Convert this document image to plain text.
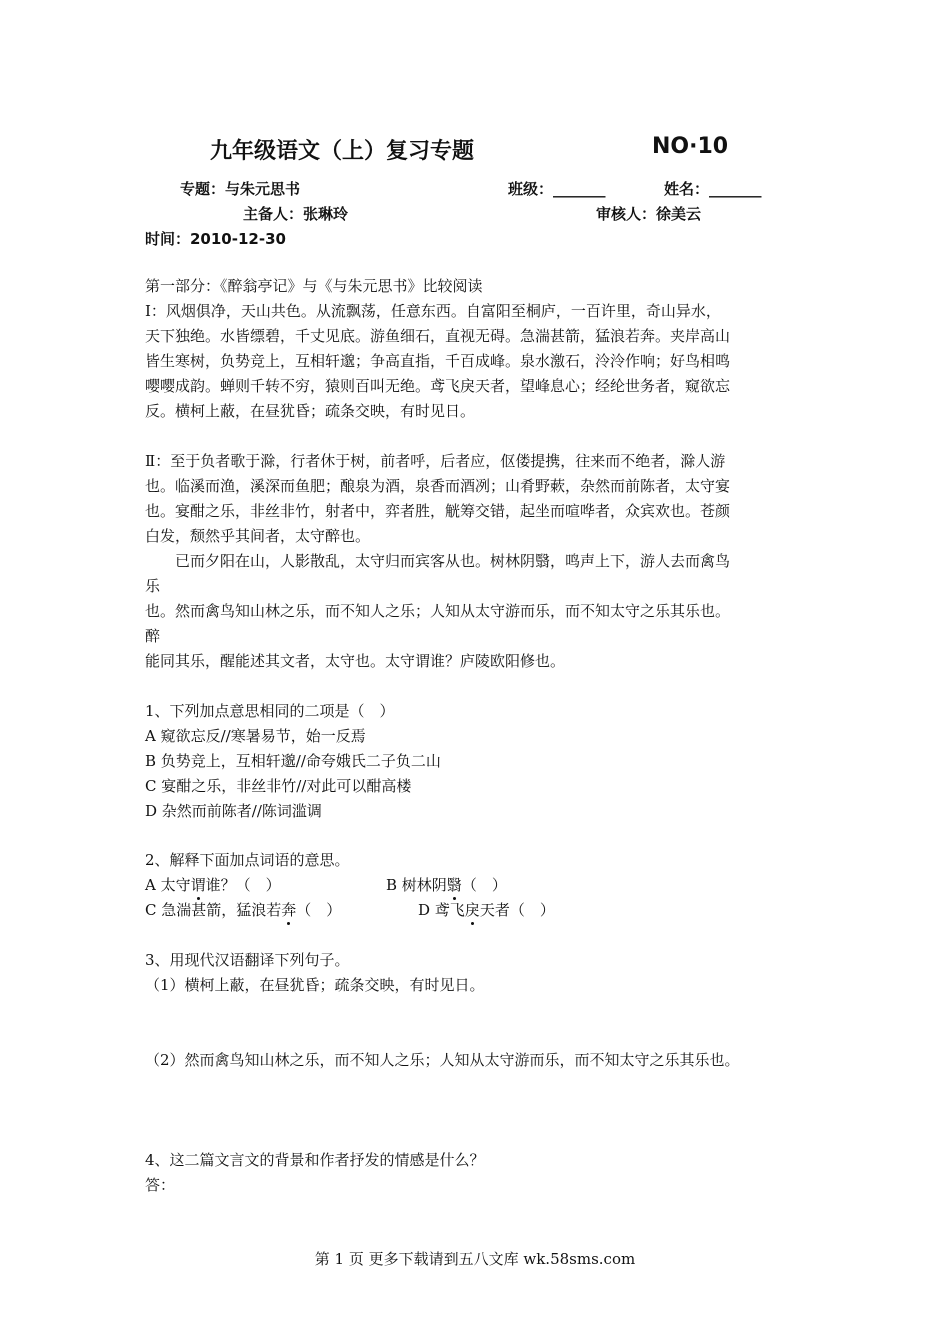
九年级语文（上）复习专题	NO·10
专题：与朱元思书	班级：_______	姓名：_______
主备人：张琳玲	审核人：徐美云
时间：2010-12-30
第一部分：《醉翁亭记》与《与朱元思书》比较阅读
Ⅰ：风烟俱净，天山共色。从流飘荡，任意东西。自富阳至桐庐，一百许里，奇山异水，
天下独绝。水皆缥碧，千丈见底。游鱼细石，直视无碍。急湍甚箭，猛浪若奔。夹岸高山
皆生寒树，负势竞上，互相轩邈；争高直指，千百成峰。泉水激石，泠泠作响；好鸟相鸣
嘤嘤成韵。蝉则千转不穷，猿则百叫无绝。鸢飞戾天者，望峰息心；经纶世务者，窥欲忘
反。横柯上蔽，在昼犹昏；疏条交映，有时见日。
Ⅱ：至于负者歌于滁，行者休于树，前者呼，后者应，伛偻提携，往来而不绝者，滁人游
也。临溪而渔，溪深而鱼肥；酿泉为酒，泉香而酒冽；山肴野蔌，杂然而前陈者，太守宴
也。宴酣之乐，非丝非竹，射者中，弈者胜，觥筹交错，起坐而喧哗者，众宾欢也。苍颜
白发，颓然乎其间者，太守醉也。
　　已而夕阳在山，人影散乱，太守归而宾客从也。树林阴翳，鸣声上下，游人去而禽鸟
乐
也。然而禽鸟知山林之乐，而不知人之乐；人知从太守游而乐，而不知太守之乐其乐也。
醉
能同其乐，醒能述其文者，太守也。太守谓谁？庐陵欧阳修也。
1、下列加点意思相同的二项是（　）
A 窥欲忘反//寒暑易节，始一反焉
B 负势竞上，互相轩邈//命夸娥氏二子负二山
C 宴酣之乐，非丝非竹//对此可以酣高楼
D 杂然而前陈者//陈词滥调
2、解释下面加点词语的意思。
A 太守谓谁？（　）	B 树林阴翳（　）
C 急湍甚箭，猛浪若奔（　）	D 鸢飞戾天者（　）
3、用现代汉语翻译下列句子。
（1）横柯上蔽，在昼犹昏；疏条交映，有时见日。
（2）然而禽鸟知山林之乐，而不知人之乐；人知从太守游而乐，而不知太守之乐其乐也。
4、这二篇文言文的背景和作者抒发的情感是什么？
答：
第 1 页 更多下载请到五八文库 wk.58sms.com
